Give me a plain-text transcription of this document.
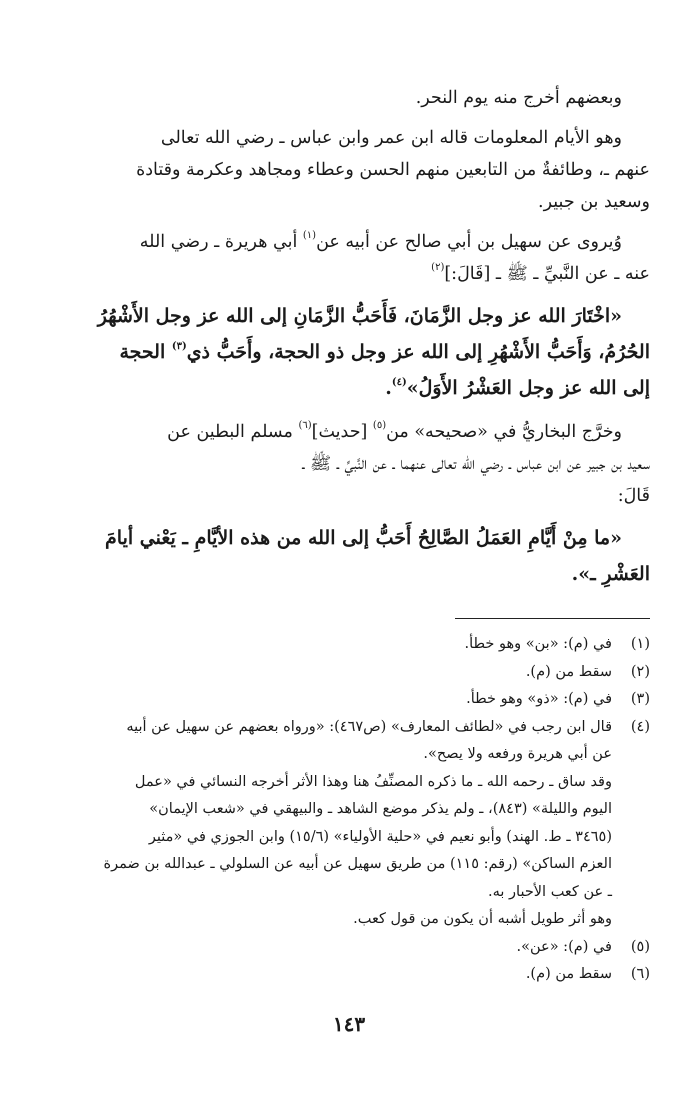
وبعضهم أخرج منه يوم النحر.

وهو الأيام المعلومات قاله ابن عمر وابن عباس ـ رضي الله تعالى
عنهم ـ، وطائفةٌ من التابعين منهم الحسن وعطاء ومجاهد وعكرمة وقتادة
وسعيد بن جبير.

وُيروى عن سهيل بن أبي صالح عن أبيه عن$^{(١)}$ أبي هريرة ـ رضي الله
عنه ـ عن النَّبيِّ ـ ﷺ ـ [قَالَ:]$^{(٢)}$

«اخْتَارَ الله عز وجل الزَّمَانَ، فَأَحَبُّ الزَّمَانِ إلى الله عز وجل الأَشْهُرُ
الحُرُمُ، وَأَحَبُّ الأَشْهُرِ إلى الله عز وجل ذو الحجة، وأَحَبُّ ذي$^{(٣)}$ الحجة
إلى الله عز وجل العَشْرُ الأَوَلُ»$^{(٤)}$.

وخرَّج البخاريُّ في «صحيحه» من$^{(٥)}$ [حديث]$^{(٦)}$ مسلم البطين عن
سعيد بن جبير عن ابن عباس ـ رضي الله تعالى عنهما ـ عن النَّبيِّ ـ ﷺ ـ
قَالَ:

«ما مِنْ أَيَّامِ العَمَلُ الصَّالِحُ أَحَبُّ إلى الله من هذه الأيَّامِ ـ يَعْني أيامَ
العَشْرِ ـ».
(١)
في (م): «بن» وهو خطأ.
(٢)
سقط من (م).
(٣)
في (م): «ذو» وهو خطأ.
(٤)
قال ابن رجب في «لطائف المعارف» (ص٤٦٧): «ورواه بعضهم عن سهيل عن أبيه
عن أبي هريرة ورفعه ولا يصح».
وقد ساق ـ رحمه الله ـ ما ذكره المصنِّفُ هنا وهذا الأثر أخرجه النسائي في «عمل
اليوم والليلة» (٨٤٣)، ـ ولم يذكر موضع الشاهد ـ والبيهقي في «شعب الإيمان»
(٣٤٦٥ ـ ط. الهند) وأبو نعيم في «حلية الأولياء» (١٥/٦) وابن الجوزي في «مثير
العزم الساكن» (رقم: ١١٥) من طريق سهيل عن أبيه عن السلولي ـ عبدالله بن ضمرة
ـ عن كعب الأحبار به.
وهو أثر طويل أشبه أن يكون من قول كعب.
(٥)
في (م): «عن».
(٦)
سقط من (م).
١٤٣
